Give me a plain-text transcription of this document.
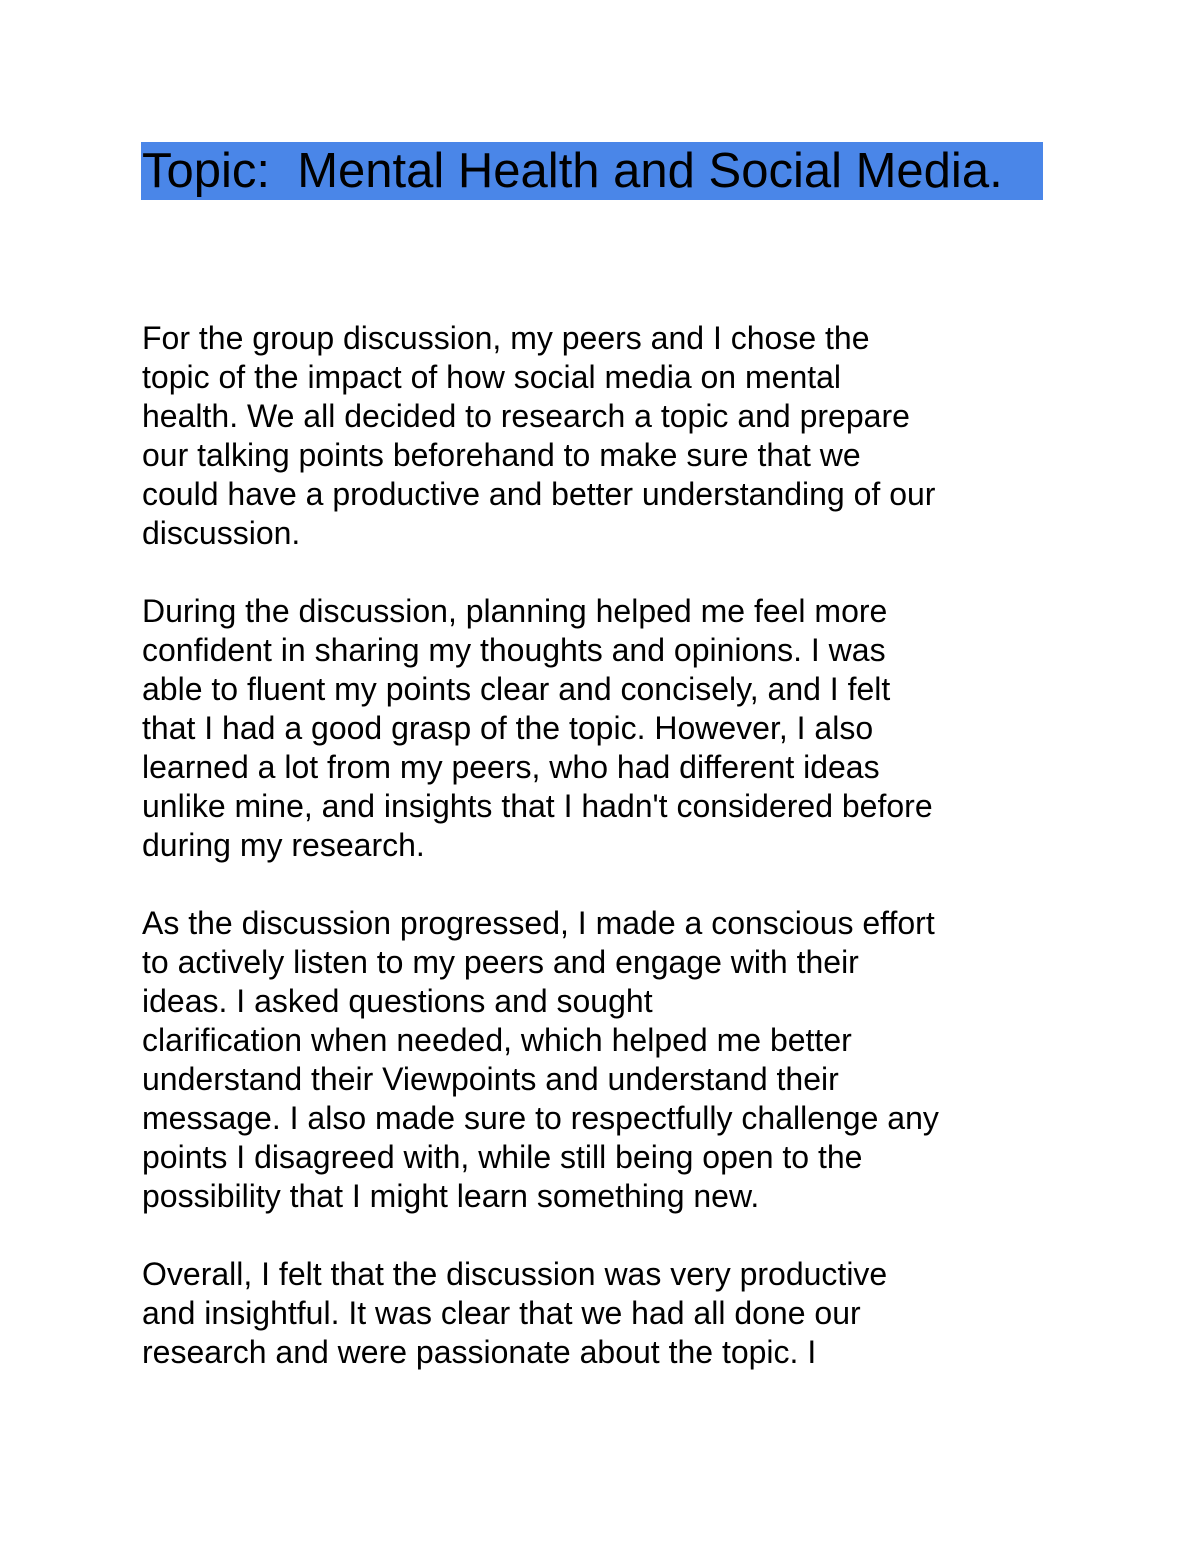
Topic:  Mental Health and Social Media.

For the group discussion, my peers and I chose the
topic of the impact of how social media on mental
health. We all decided to research a topic and prepare
our talking points beforehand to make sure that we
could have a productive and better understanding of our
discussion.

During the discussion, planning helped me feel more
confident in sharing my thoughts and opinions. I was
able to fluent my points clear and concisely, and I felt
that I had a good grasp of the topic. However, I also
learned a lot from my peers, who had different ideas
unlike mine, and insights that I hadn't considered before
during my research.

As the discussion progressed, I made a conscious effort
to actively listen to my peers and engage with their
ideas. I asked questions and sought
clarification when needed, which helped me better
understand their Viewpoints and understand their
message. I also made sure to respectfully challenge any
points I disagreed with, while still being open to the
possibility that I might learn something new.

Overall, I felt that the discussion was very productive
and insightful. It was clear that we had all done our
research and were passionate about the topic. I
